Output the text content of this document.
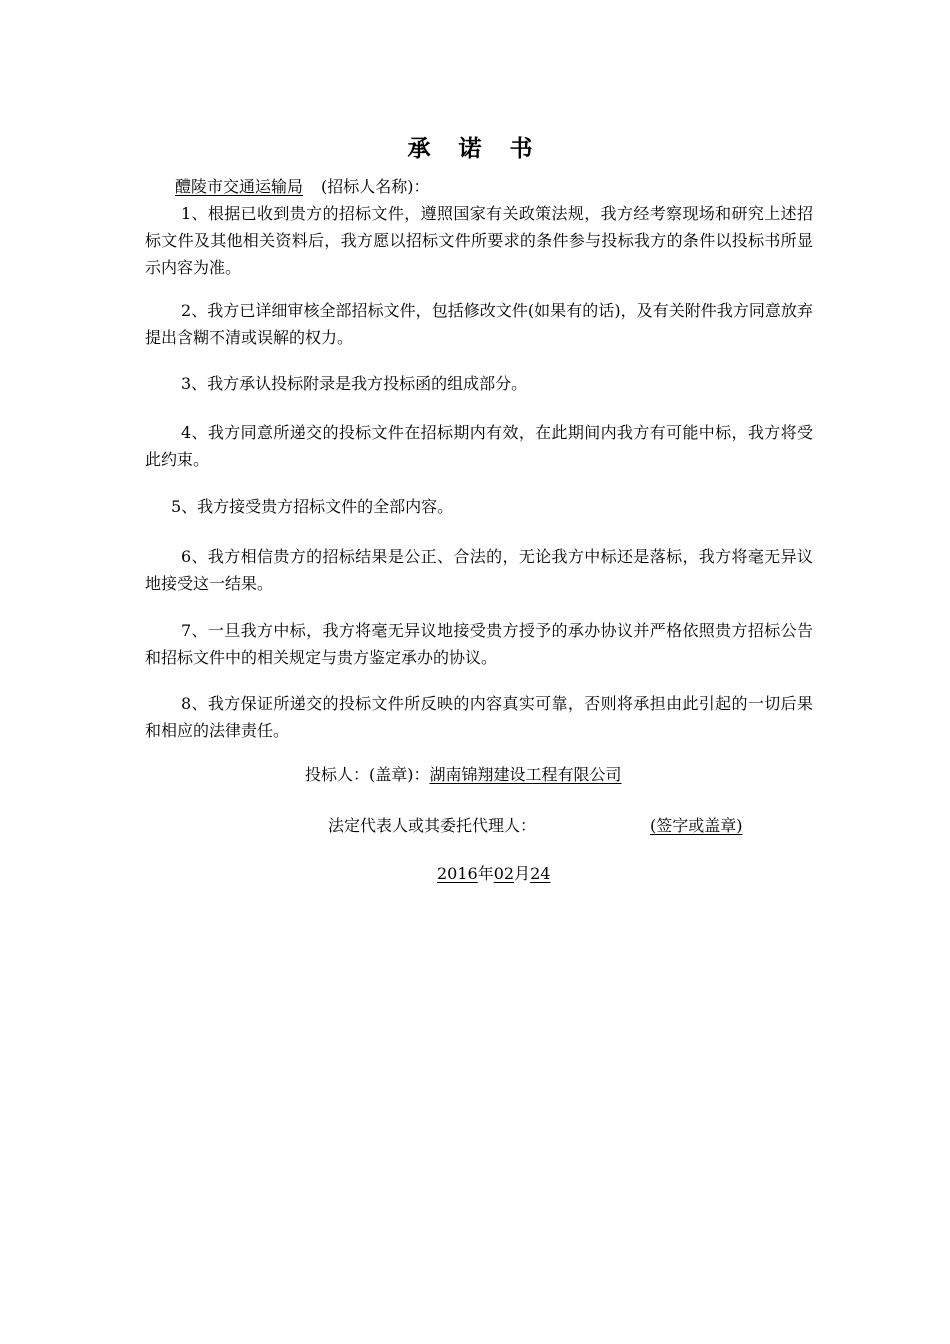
承 诺 书
醴陵市交通运输局 (招标人名称)：

1、根据已收到贵方的招标文件，遵照国家有关政策法规，我方经考察现场和研究上述招标文件及其他相关资料后，我方愿以招标文件所要求的条件参与投标我方的条件以投标书所显示内容为准。

2、我方已详细审核全部招标文件，包括修改文件(如果有的话)，及有关附件我方同意放弃提出含糊不清或误解的权力。

3、我方承认投标附录是我方投标函的组成部分。

4、我方同意所递交的投标文件在招标期内有效，在此期间内我方有可能中标，我方将受此约束。

5、我方接受贵方招标文件的全部内容。

6、我方相信贵方的招标结果是公正、合法的，无论我方中标还是落标，我方将毫无异议地接受这一结果。

7、一旦我方中标，我方将毫无异议地接受贵方授予的承办协议并严格依照贵方招标公告和招标文件中的相关规定与贵方鉴定承办的协议。

8、我方保证所递交的投标文件所反映的内容真实可靠，否则将承担由此引起的一切后果和相应的法律责任。

投标人：(盖章)：湖南锦翔建设工程有限公司
法定代表人或其委托代理人：	(签字或盖章)
2016年02月24
